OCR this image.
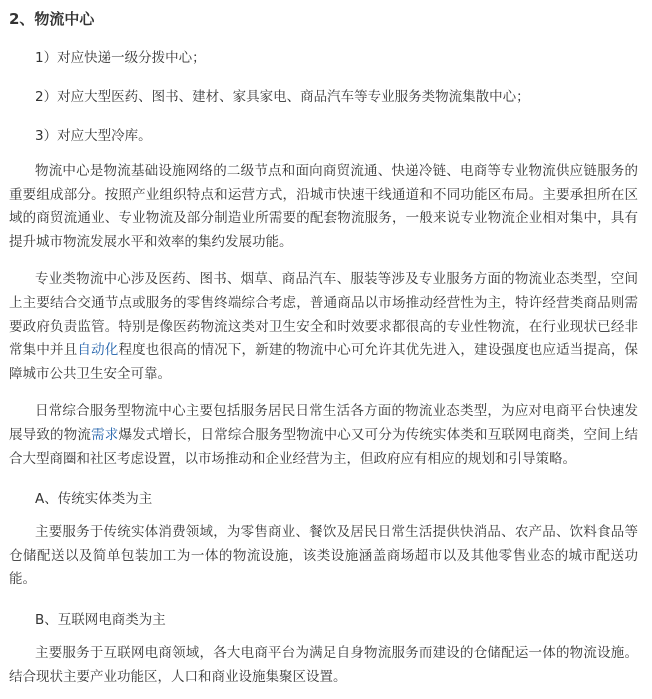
2、物流中心
1）对应快递一级分拨中心；
2）对应大型医药、图书、建材、家具家电、商品汽车等专业服务类物流集散中心；
3）对应大型冷库。

物流中心是物流基础设施网络的二级节点和面向商贸流通、快递冷链、电商等专业物流供应链服务的重要组成部分。按照产业组织特点和运营方式，沿城市快速干线通道和不同功能区布局。主要承担所在区域的商贸流通业、专业物流及部分制造业所需要的配套物流服务，一般来说专业物流企业相对集中，具有提升城市物流发展水平和效率的集约发展功能。

专业类物流中心涉及医药、图书、烟草、商品汽车、服装等涉及专业服务方面的物流业态类型，空间上主要结合交通节点或服务的零售终端综合考虑，普通商品以市场推动经营性为主，特许经营类商品则需要政府负责监管。特别是像医药物流这类对卫生安全和时效要求都很高的专业性物流，在行业现状已经非常集中并且自动化程度也很高的情况下，新建的物流中心可允许其优先进入，建设强度也应适当提高，保障城市公共卫生安全可靠。

日常综合服务型物流中心主要包括服务居民日常生活各方面的物流业态类型，为应对电商平台快速发展导致的物流需求爆发式增长，日常综合服务型物流中心又可分为传统实体类和互联网电商类，空间上结合大型商圈和社区考虑设置，以市场推动和企业经营为主，但政府应有相应的规划和引导策略。

A、传统实体类为主

主要服务于传统实体消费领域，为零售商业、餐饮及居民日常生活提供快消品、农产品、饮料食品等仓储配送以及简单包装加工为一体的物流设施，该类设施涵盖商场超市以及其他零售业态的城市配送功能。

B、互联网电商类为主

主要服务于互联网电商领域，各大电商平台为满足自身物流服务而建设的仓储配运一体的物流设施。结合现状主要产业功能区，人口和商业设施集聚区设置。
